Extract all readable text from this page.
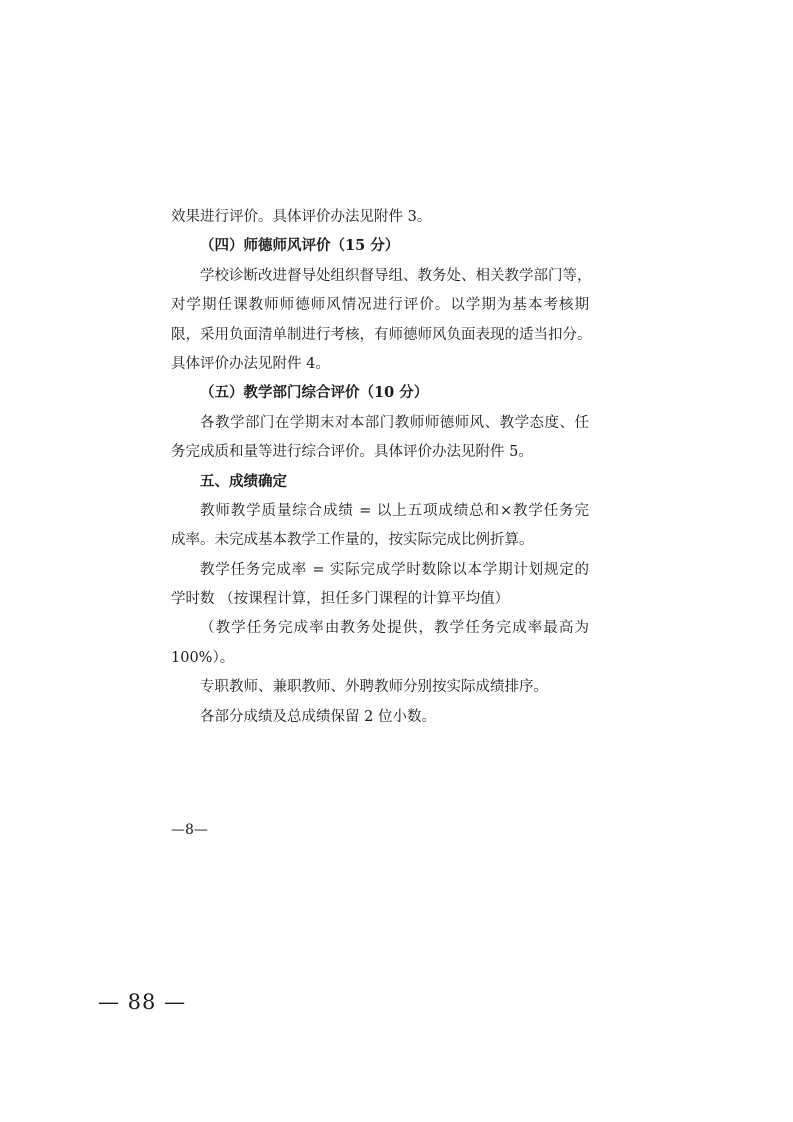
效果进行评价。具体评价办法见附件 3。
（四）师德师风评价（15 分）
学校诊断改进督导处组织督导组、教务处、相关教学部门等，
对学期任课教师师德师风情况进行评价。以学期为基本考核期
限，采用负面清单制进行考核，有师德师风负面表现的适当扣分。
具体评价办法见附件 4。
（五）教学部门综合评价（10 分）
各教学部门在学期末对本部门教师师德师风、教学态度、任
务完成质和量等进行综合评价。具体评价办法见附件 5。
五、成绩确定
教师教学质量综合成绩 = 以上五项成绩总和×教学任务完
成率。未完成基本教学工作量的，按实际完成比例折算。
教学任务完成率 = 实际完成学时数除以本学期计划规定的
学时数 （按课程计算，担任多门课程的计算平均值）
（教学任务完成率由教务处提供，教学任务完成率最高为
100%）。
专职教师、兼职教师、外聘教师分别按实际成绩排序。
各部分成绩及总成绩保留 2 位小数。
—8—
— 88 —
